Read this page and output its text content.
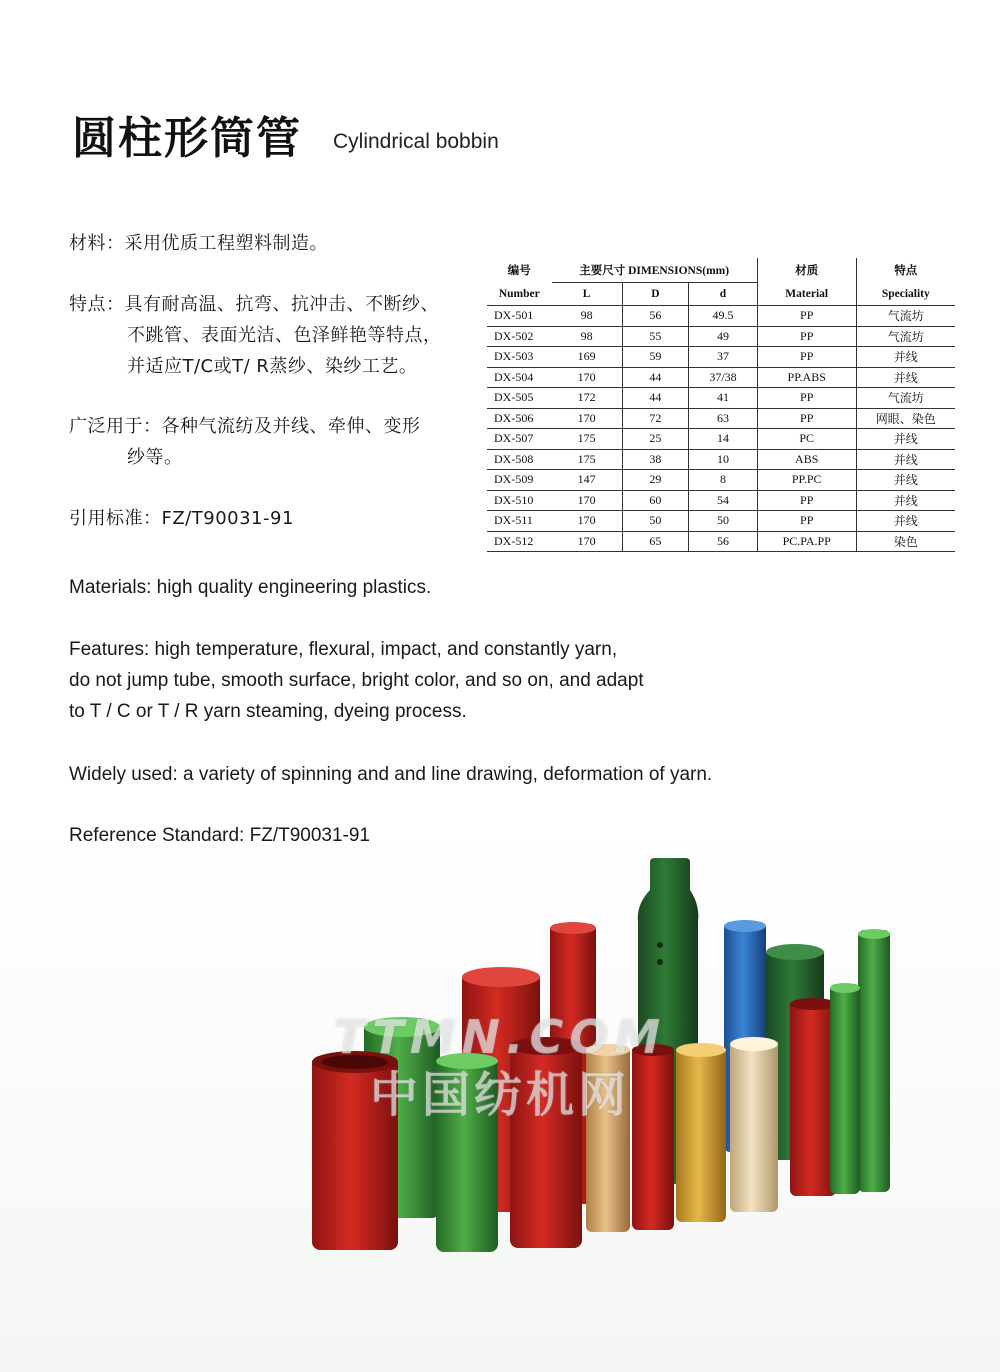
圆柱形筒管 Cylindrical bobbin
材料：采用优质工程塑料制造。
特点：具有耐高温、抗弯、抗冲击、不断纱、
不跳管、表面光洁、色泽鲜艳等特点，
并适应T/C或T/ R蒸纱、染纱工艺。
广泛用于：各种气流纺及并线、牵伸、变形
纱等。
引用标准：FZ/T90031-91
编号	主要尺寸 DIMENSIONS(mm)			材质	特点
Number	L	D	d	Material	Speciality
DX-501	98	56	49.5	PP	气流坊
DX-502	98	55	49	PP	气流坊
DX-503	169	59	37	PP	并线
DX-504	170	44	37/38	PP.ABS	并线
DX-505	172	44	41	PP	气流坊
DX-506	170	72	63	PP	网眼、染色
DX-507	175	25	14	PC	并线
DX-508	175	38	10	ABS	并线
DX-509	147	29	8	PP.PC	并线
DX-510	170	60	54	PP	并线
DX-511	170	50	50	PP	并线
DX-512	170	65	56	PC.PA.PP	染色
Materials: high quality engineering plastics.
Features: high temperature, flexural, impact, and constantly yarn,
do not jump tube, smooth surface, bright color, and so on, and adapt
to T / C or T / R yarn steaming, dyeing process.
Widely used: a variety of spinning and and line drawing, deformation of yarn.
Reference Standard: FZ/T90031-91
TTMN.COM
中国纺机网
